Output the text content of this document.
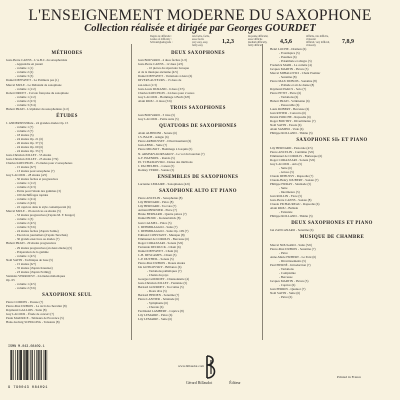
L'ENSEIGNEMENT MODERNE DU SAXOPHONE
Collection réalisée et dirigée par Georges GOURDET
Degrés de difficulté :
Grades of difficulty :
Schwierigkeitsgrade :
très facile, facile,
assez facile
very easy, easy,
fairly easy
1,2,3
moyenne difficulté,
assez difficile
medium difficulty,
fairly difficult
4,5,6
difficile, très difficile,
virtuosité
difficult, very difficult,
virtuosity
7,8,9
MÉTHODES
Jean-Pierre CAENS - L'A.B.C. du saxophoniste
- Apprendre en jouant
- volume 1 (1)
- volume 2 (2)
- volume 3 (3)
Daniel DEFFAYET - Le Prémiers pas (1)
Marcel MULE - Le Débutant de saxophone
- volume 1 (1/2)
Robert DRUET - L'école française du saxophone
- volume 1 (1/2)
- volume 2 (2/3)
- volume 3 (3/4)
Hubert PRATI - L'alphabet du saxophoniste (1/2)
ÉTUDES
J. ANDERSEN/Mule - 24 grandes études Op. 15
- volume 1 (7)
- volume 2 (7)
- 18 études (5)
- 24 études Op. 21 (6)
- 26 études Op. 37 (5)
- 24 études Op. 60 (6)
- 24 études Op. 33 (7)
Jean-Christian JOLLET - 55 études
Jean-Christian JOLLET - 25 études (7/9)
Charles KOECHLIN - 15 études pour 2 saxophones
- 15 études (6/7)
- 13 études pour saxophone (7)
Guy LACOUR - 28 études (4/5)
- 50 études faciles et progressives
- volume 1 (1/2)
- volume 2 (2/3)
- Petite pour l'étude des gammes (3)
- 100 déchiffrages rapides
- volume 1 (2/4)
- volume 2 (4/6)
- 22 caprices dans le style contemporain (6)
Marcel MULE - 18 exercices ou études (5)
- 53 études progressives (d'après M. F. Kruger)
- volume 1 (3)
- volume 2 (4/5)
- volume 3 (5/6)
- 24 études faciles (d'après Samie)
- Exercices journaliers (d'après Terschak)
- 30 grands exercices ou études (7)
Hubert PRATI - 29 études progressives
- 29 études progressives (en deux études) (5)
- Préparation de la gamme
- volume 1 (4/5)
Noël SAVIN - Technique de base (5)
- 15 études (6/7)
- 35 études (d'après Kreutzer)
- 23 études (d'après Ferling)
Stanislas VERROUST - 24 études mélodiques
Op. 65
- volume 1 (4/5)
- volume 2 (5/6)
SAXOPHONE SEUL
Pierre CODDES - Pousse (7)
Pierre-Max DUBOIS - Le récit du chevalier (8)
Raymond GALLOIS - Suite (8)
Guy LACOUR - Étude de concert (7)
Paule MAURICE - Tableaux de Provence (5)
Hans-Ludwig SCHILLING - Tensions (8)
DEUX SAXOPHONES
Jean BOUVARD - 4 duos faciles (1/2)
Jean-Pierre CAENS - 12 duos (4/5)
- 10 pièces du répertoire baroque
et de la musique ancienne (4/5)
Daniel DEFFAYET - Variations à deux (6)
DIVERS AUTEURS - 15 duos de
sax-ténor (1/3)
Jean-Louis DURAND - 6 duos (3/5)
Charles KOECHLIN - 24 duos pour 2 saxos
Guy LACOUR - Hommage à Bach (6/8)
Alain RIOU - 6 duos (5/6)
TROIS SAXOPHONES
Jean BOUVARD - 3 trios (5)
Guy LACOUR - Petite suite (5)
QUATUORS DE SAXOPHONES
Alain ALBINONI - Sonate (6)
J.S. BACH - Adagio (6)
Pierre ARBOUSSET - Divertissement (6)
Jean ABSIL - Suite (7)
Pierre MIGNOT - Hommage à Josquin (5)
N. ARMSKY-KORSAKOV - Le vol du bourdon (7)
G.F. HAENDEL - Rondo (5)
P.I. TCHAIKOVSKI - Danse des mirlitons
J. PACHELBEL - Canon (5)
Rodney VERDI - Sonate (5)
ENSEMBLES DE SAXOPHONES
Lucienne LEMAIRE - Saxophones (4/6)
SAXOPHONE ALTO ET PIANO
Pierre ANCELIN - Saxophonie (8)
Lily BERNARD - Pièce (8)
Lily BERNARD - Toccata (7)
Armand BERNIER - Pièce (7)
Bruno BERNARD - Quatre pièces (7)
Daniel BIJOU - Konzertstück (8)
Jean CALMEL - Pièce (5)
J. DEHMIRAGGIO - Suite (7)
J. DEHMIRAGGIO - Suite Op. 109 (7)
Edmond CONSTANT - Musique (8)
Emmanuel de COROLIS - Berceuse (6)
Roger CORAZZARI - Sonata (5/6)
Fernande DECRUCK - Chant (6)
Daniel DEFFAYET - Chant (6)
J.-B. DESCAMPS - Chant (5)
J.-P. DUTHEIL - Sonate (5)
Pierre-Max DUBOIS - Douze études
Ida GOTKOVSKY - Brillance (6)
- Variations pathétiques (7)
- Chants du pays
Georges GOURDET - Chansonnette (4)
Jean-Christian JOLLET - Fantaisie (5)
Bernard GOURDET - Toccatine (5)
- Doux rêve (5)
Bernard HEIDEN - Sonatine (7)
Pierre LANTIER - Sérénade (6)
- Symphonie (6)
- Chorale (6)
Ferdinand LAMBERT - Caprice (8)
Lily LEMAIRE - Pièce (6)
Lily LEMAIRE - Suite (6)
Henri LOCHE - Dramon (6)
- Frontispice (5)
- Psaumes (6)
- Préambule et allegro (5)
Frederick MAIR - La comète (4)
Jacques MARTIN - Pièces (5)
Marcel MIHALOVICI - Chant Premier
- Sonatine (8)
Pierre MAX DUBOIS - Sonatine (8)
- Prélude et air de danse (8)
Raymond PAKCS - Solo (7)
Pierre PETIT - Pièce (6)
- Variations (6)
Hubert PRATI - Vénitienne (6)
- Passacaille (6)
Louis ROBERT - Berceuse (6)
Jean RIVIER - Concerto (6)
Désiré PORCHE - Rapsodie (6)
Roger BOUTRY - Divertimento (7)
Noël SAVIN - Essais (6)
Alain SAMPIO - Vade (6)
Philippe ROLLAND - Thème (5)
SAXOPHONE SI♭ ET PIANO
Lily BERNARD - Pastorale (4/5)
Pierre ANCELIN - Cantilène (5/6)
Emmanuel de COROLIS - Burlesque (6)
Roger CORAZZARI - Sonata (5/6)
Guy LACOUR - Aria (5)
- Suite (6)
- Arioso (5)
Claude DEBUSSY - Rapsodie (7)
Claude-Henry JOUBERT - Sonate (7)
Philippe HURAY - Sérénade (5)
- Suite
- Intermezzo (5)
Jean ROLLIN - Flore (5)
Jean-Pierre CAENS - Sonate (8)
Claude PICHAUREAU - Rapsodie (6)
Alain RIOU - Ballade
- Fantaisie
Philippe ROLLAND - Thème (5)
DEUX SAXOPHONES ET PIANO
Jan ZANCANARO - Sonatine (6)
MUSIQUE DE CHAMBRE
Marcel NOUGARO - Suite (5/6)
Pierre-Max DUBOIS - Sonatine (7)
- Pièce
Anne-Marie HUBERT - Le Pont (6)
- Divertissements (5)
Paul PIERNÉ - Introduction (7)
- Variations
- Complainte
- Berceuse
Jacques MARTIN - Pièces (5)
- Caprice (6)
Jean PERRIN - Quatuor (7)
Noël SAVIN - Suite (6)
- Pièce (6)
ISMN M-043-08409-1
9 790043 084091
www.billaudot.com
Gérard Billaudot	Éditeur
Printed in France
